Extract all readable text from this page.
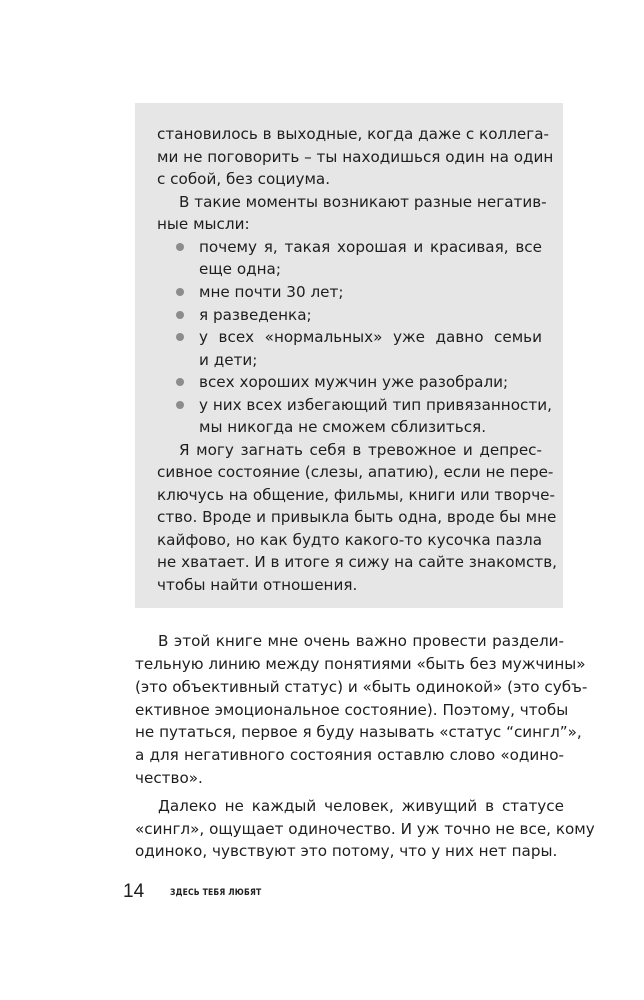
становилось в выходные, когда даже с коллега-
ми не поговорить – ты находишься один на один
с собой, без социума.
В такие моменты возникают разные негатив-
ные мысли:
почему я, такая хорошая и красивая, все
еще одна;
мне почти 30 лет;
я разведенка;
у всех «нормальных» уже давно семьи
и дети;
всех хороших мужчин уже разобрали;
у них всех избегающий тип привязанности,
мы никогда не сможем сблизиться.
Я могу загнать себя в тревожное и депрес-
сивное состояние (слезы, апатию), если не пере-
ключусь на общение, фильмы, книги или творче-
ство. Вроде и привыкла быть одна, вроде бы мне
кайфово, но как будто какого-то кусочка пазла
не хватает. И в итоге я сижу на сайте знакомств,
чтобы найти отношения.
В этой книге мне очень важно провести раздели-
тельную линию между понятиями «быть без мужчины»
(это объективный статус) и «быть одинокой» (это субъ-
ективное эмоциональное состояние). Поэтому, чтобы
не путаться, первое я буду называть «статус “сингл”»,
а для негативного состояния оставлю слово «одино-
чество».
Далеко не каждый человек, живущий в статусе
«сингл», ощущает одиночество. И уж точно не все, кому
одиноко, чувствуют это потому, что у них нет пары.
14	ЗДЕСЬ ТЕБЯ ЛЮБЯТ
